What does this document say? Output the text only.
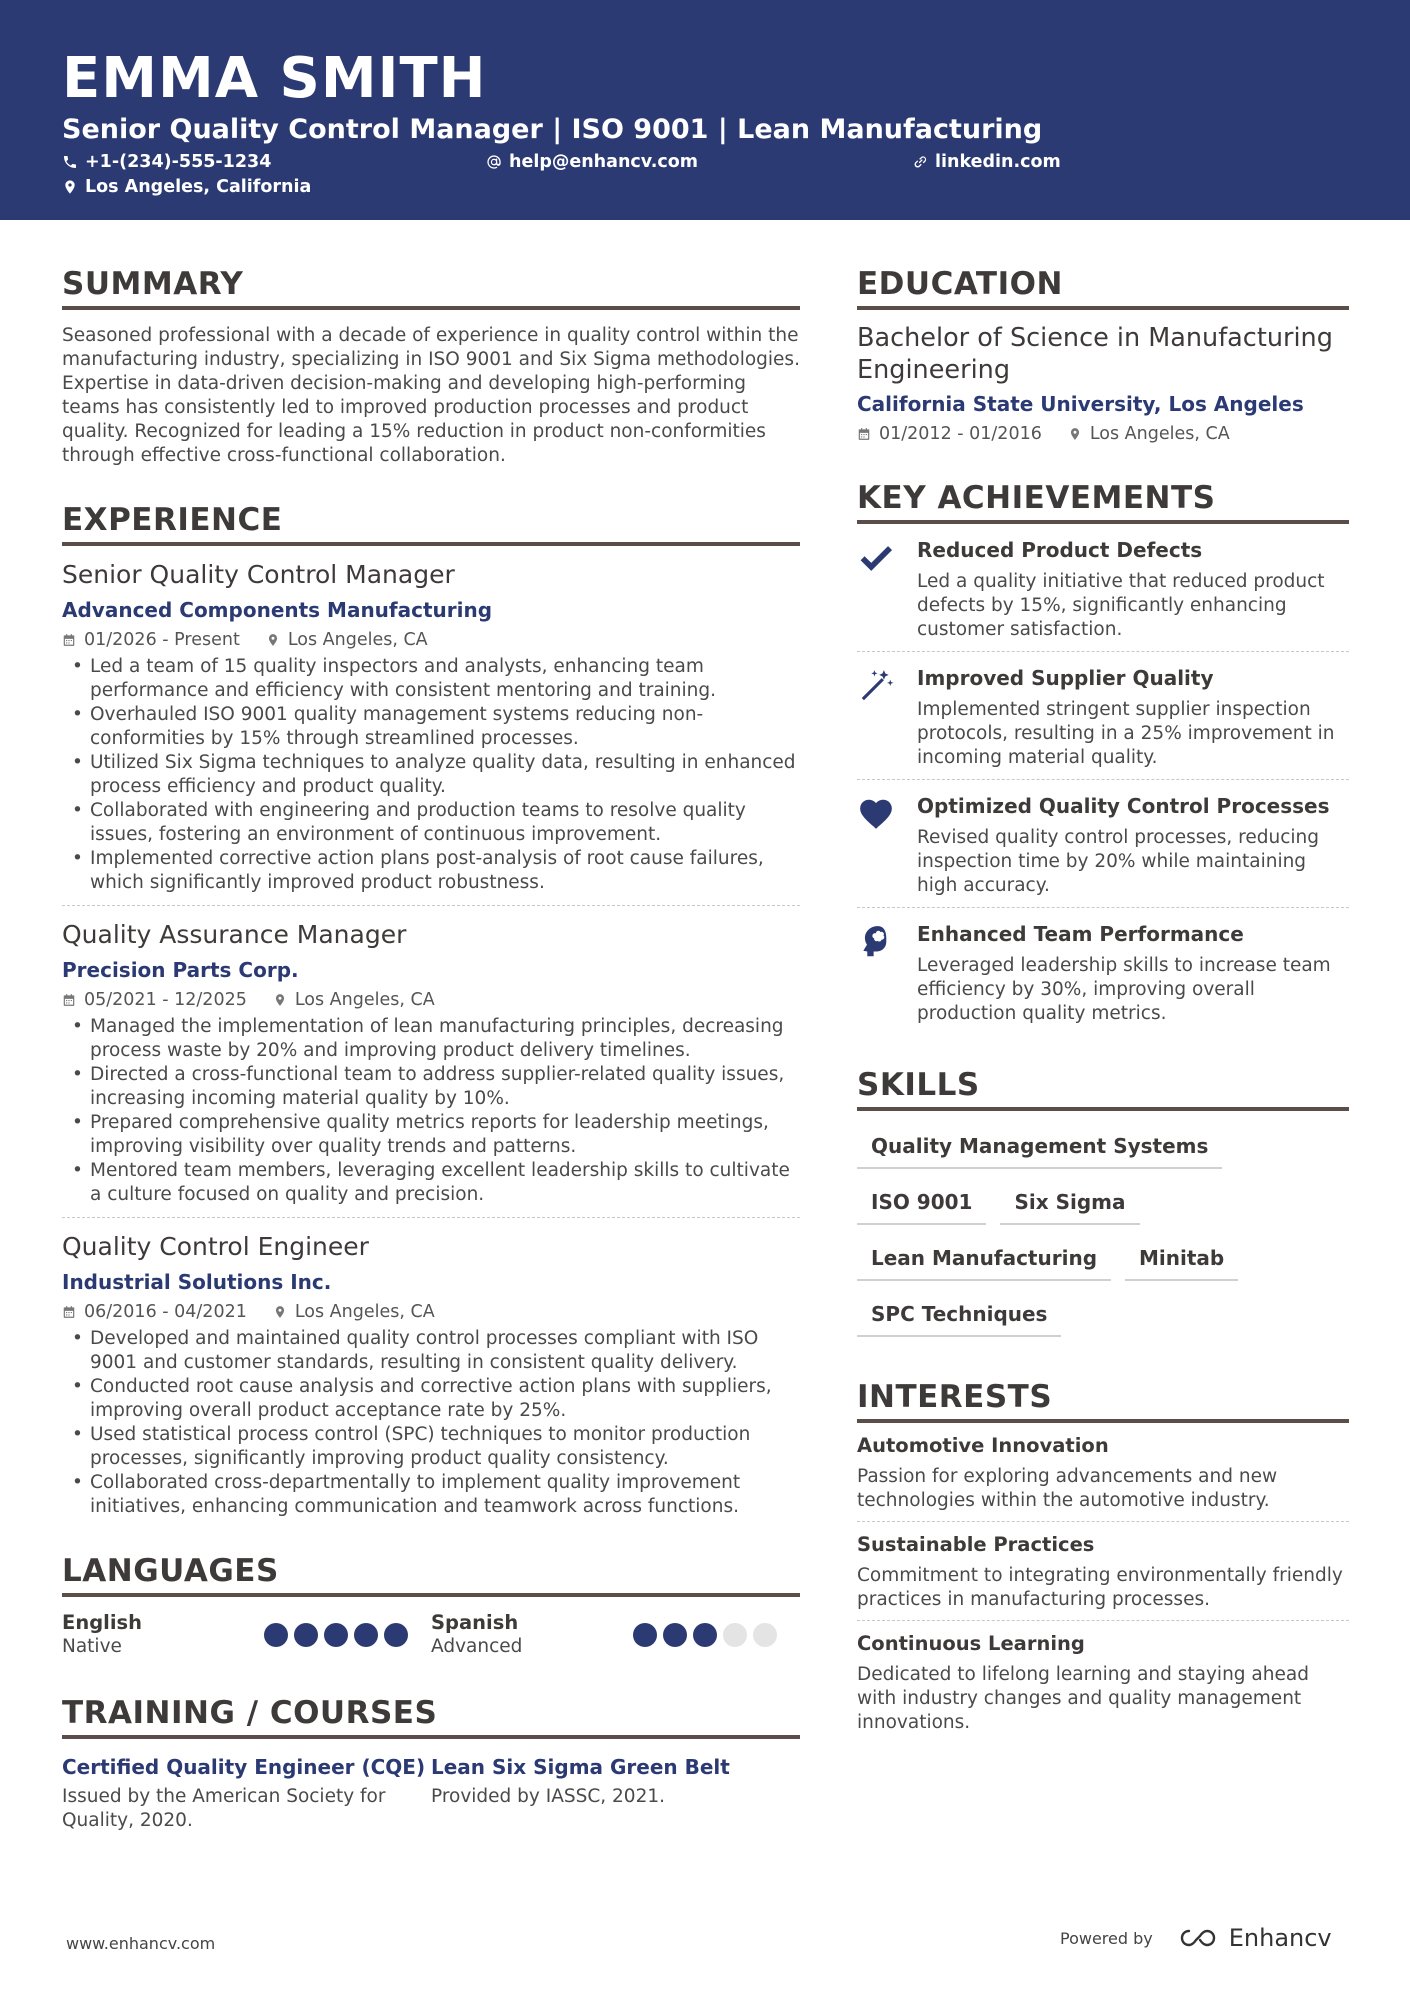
EMMA SMITH
Senior Quality Control Manager | ISO 9001 | Lean Manufacturing
+1-(234)-555-1234	help@enhancv.com	linkedin.com
Los Angeles, California
SUMMARY
Seasoned professional with a decade of experience in quality control within the manufacturing industry, specializing in ISO 9001 and Six Sigma methodologies. Expertise in data-driven decision-making and developing high-performing teams has consistently led to improved production processes and product quality. Recognized for leading a 15% reduction in product non-conformities through effective cross-functional collaboration.
EXPERIENCE
Senior Quality Control Manager
Advanced Components Manufacturing
01/2026 - Present	Los Angeles, CA
• Led a team of 15 quality inspectors and analysts, enhancing team performance and efficiency with consistent mentoring and training.
• Overhauled ISO 9001 quality management systems reducing non-conformities by 15% through streamlined processes.
• Utilized Six Sigma techniques to analyze quality data, resulting in enhanced process efficiency and product quality.
• Collaborated with engineering and production teams to resolve quality issues, fostering an environment of continuous improvement.
• Implemented corrective action plans post-analysis of root cause failures, which significantly improved product robustness.
Quality Assurance Manager
Precision Parts Corp.
05/2021 - 12/2025	Los Angeles, CA
• Managed the implementation of lean manufacturing principles, decreasing process waste by 20% and improving product delivery timelines.
• Directed a cross-functional team to address supplier-related quality issues, increasing incoming material quality by 10%.
• Prepared comprehensive quality metrics reports for leadership meetings, improving visibility over quality trends and patterns.
• Mentored team members, leveraging excellent leadership skills to cultivate a culture focused on quality and precision.
Quality Control Engineer
Industrial Solutions Inc.
06/2016 - 04/2021	Los Angeles, CA
• Developed and maintained quality control processes compliant with ISO 9001 and customer standards, resulting in consistent quality delivery.
• Conducted root cause analysis and corrective action plans with suppliers, improving overall product acceptance rate by 25%.
• Used statistical process control (SPC) techniques to monitor production processes, significantly improving product quality consistency.
• Collaborated cross-departmentally to implement quality improvement initiatives, enhancing communication and teamwork across functions.
LANGUAGES
English
Native
Spanish
Advanced
TRAINING / COURSES
Certified Quality Engineer (CQE)
Issued by the American Society for Quality, 2020.
Lean Six Sigma Green Belt
Provided by IASSC, 2021.
EDUCATION
Bachelor of Science in Manufacturing Engineering
California State University, Los Angeles
01/2012 - 01/2016	Los Angeles, CA
KEY ACHIEVEMENTS
Reduced Product Defects
Led a quality initiative that reduced product defects by 15%, significantly enhancing customer satisfaction.
Improved Supplier Quality
Implemented stringent supplier inspection protocols, resulting in a 25% improvement in incoming material quality.
Optimized Quality Control Processes
Revised quality control processes, reducing inspection time by 20% while maintaining high accuracy.
Enhanced Team Performance
Leveraged leadership skills to increase team efficiency by 30%, improving overall production quality metrics.
SKILLS
Quality Management Systems
ISO 9001	Six Sigma
Lean Manufacturing	Minitab
SPC Techniques
INTERESTS
Automotive Innovation
Passion for exploring advancements and new technologies within the automotive industry.
Sustainable Practices
Commitment to integrating environmentally friendly practices in manufacturing processes.
Continuous Learning
Dedicated to lifelong learning and staying ahead with industry changes and quality management innovations.
www.enhancv.com	Powered by	Enhancv
